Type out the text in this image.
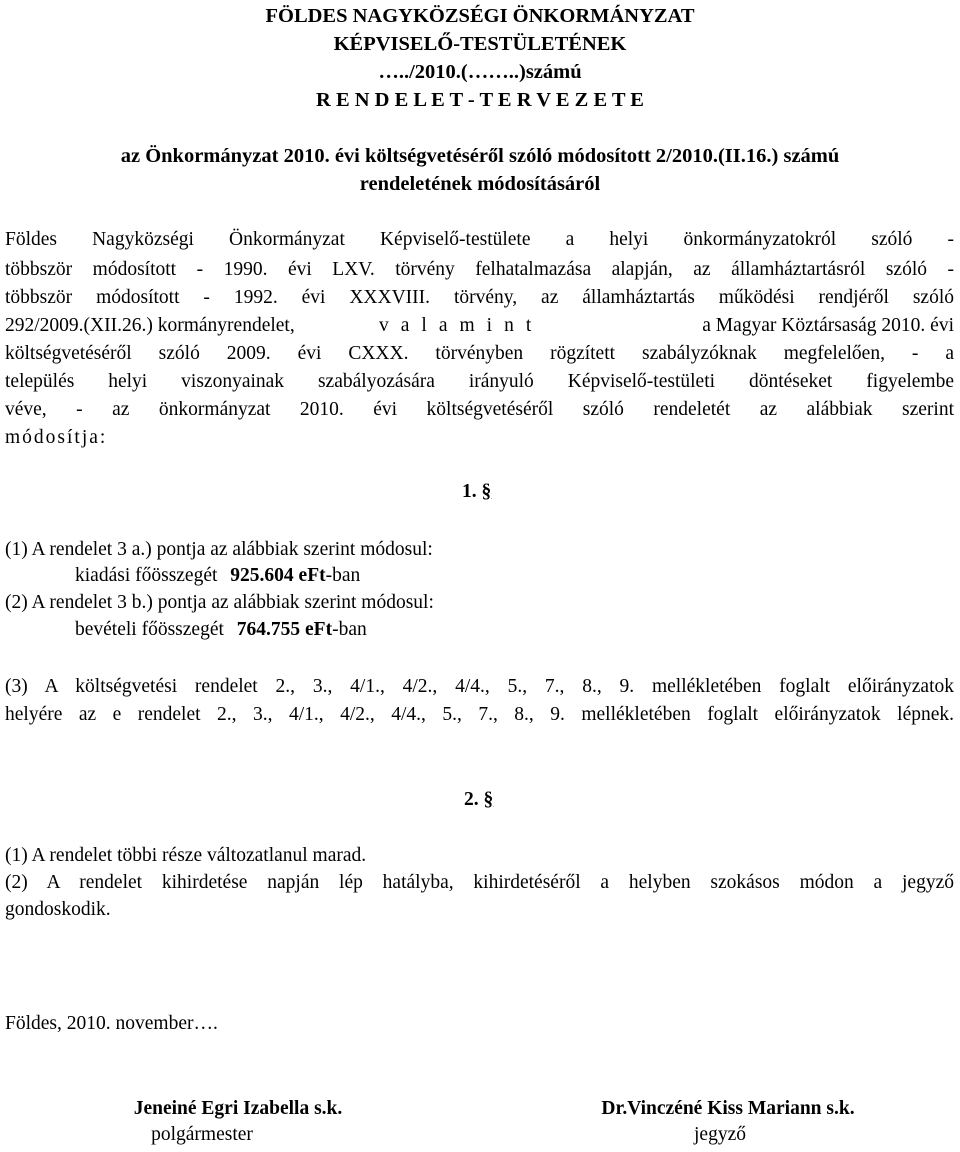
FÖLDES NAGYKÖZSÉGI ÖNKORMÁNYZAT
KÉPVISELŐ-TESTÜLETÉNEK
…../2010.(……..)számú
R E N D E L E T - T E R V E Z E T E
az Önkormányzat 2010. évi költségvetéséről szóló módosított 2/2010.(II.16.) számú
rendeletének módosításáról
Földes Nagyközségi Önkormányzat Képviselő-testülete a helyi önkormányzatokról szóló -
többször módosított - 1990. évi LXV. törvény felhatalmazása alapján, az államháztartásról szóló -
többször módosított - 1992. évi XXXVIII. törvény, az államháztartás működési rendjéről szóló
292/2009.(XII.26.) kormányrendelet,	valamint	a Magyar Köztársaság 2010. évi
költségvetéséről szóló 2009. évi CXXX. törvényben rögzített szabályzóknak megfelelően, - a
település helyi viszonyainak szabályozására irányuló Képviselő-testületi döntéseket figyelembe
véve, - az önkormányzat 2010. évi költségvetéséről szóló rendeletét az alábbiak szerint
módosítja:
1. §
(1) A rendelet 3 a.) pontja az alábbiak szerint módosul:
kiadási főösszegét 925.604 eFt-ban
(2) A rendelet 3 b.) pontja az alábbiak szerint módosul:
bevételi főösszegét 764.755 eFt-ban
(3) A költségvetési rendelet 2., 3., 4/1., 4/2., 4/4., 5., 7., 8., 9. mellékletében foglalt előirányzatok
helyére az e rendelet 2., 3., 4/1., 4/2., 4/4., 5., 7., 8., 9. mellékletében foglalt előirányzatok lépnek.
2. §
(1) A rendelet többi része változatlanul marad.
(2) A rendelet kihirdetése napján lép hatályba, kihirdetéséről a helyben szokásos módon a jegyző
gondoskodik.
Földes, 2010. november….
Jeneiné Egri Izabella s.k.
polgármester
Dr.Vinczéné Kiss Mariann s.k.
jegyző
